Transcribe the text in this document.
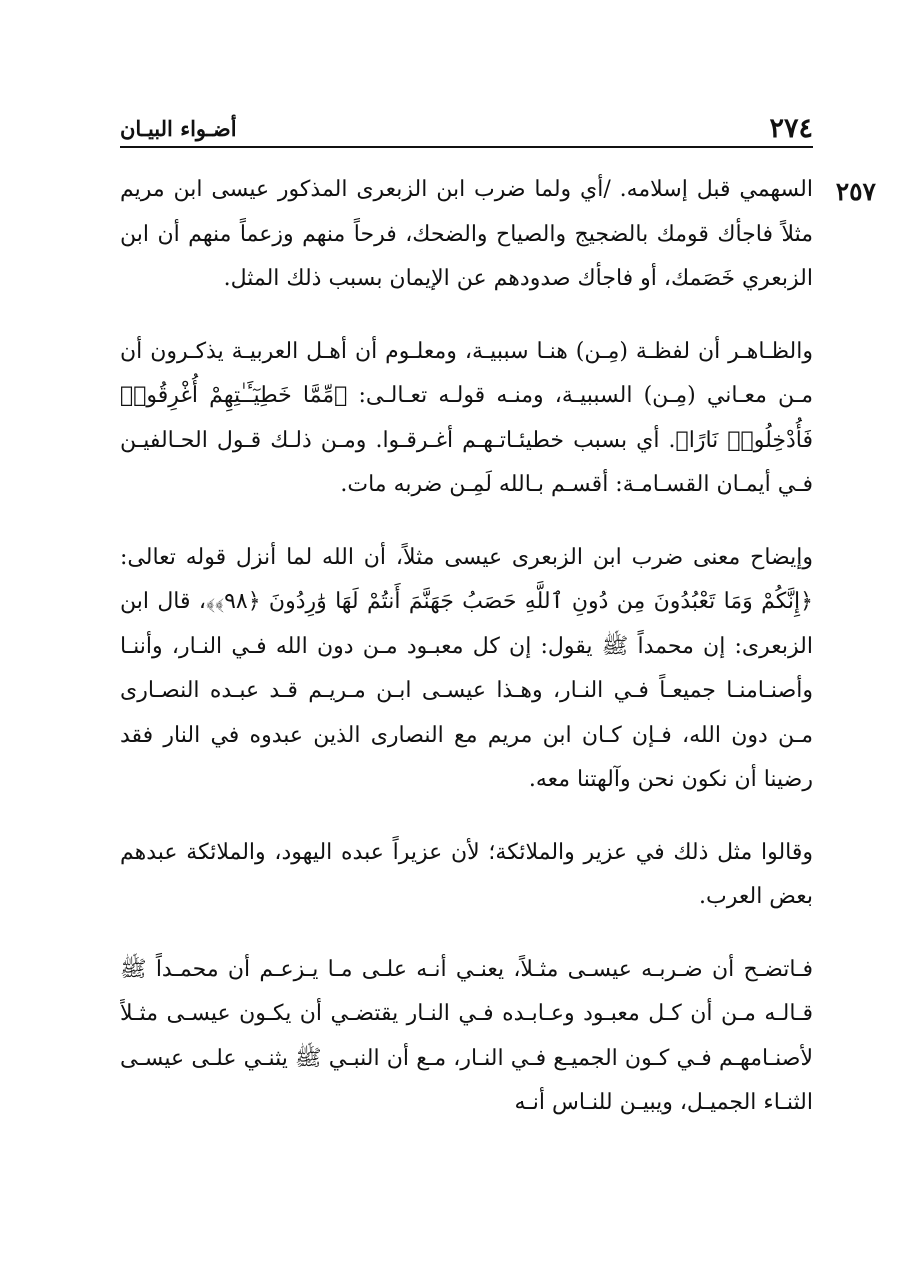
٢٧٤
أضـواء البيـان
٢٥٧

السهمي قبل إسلامه. /أي ولما ضرب ابن الزبعرى المذكور عيسى ابن مريم مثلاً فاجأك قومك بالضجيج والصياح والضحك، فرحاً منهم وزعماً منهم أن ابن الزبعري خَصَمك، أو فاجأك صدودهم عن الإيمان بسبب ذلك المثل.

والظـاهـر أن لفظـة (مِـن) هنـا سببيـة، ومعلـوم أن أهـل العربيـة يذكـرون أن مـن معـاني (مِـن) السببيـة، ومنـه قولـه تعـالـى: ﴿مِّمَّا خَطِيٓـَٔـٰتِهِمْ أُغْرِقُوا۟ فَأُدْخِلُوا۟ نَارًا﴾. أي بسبب خطيئـاتـهـم أغـرقـوا. ومـن ذلـك قـول الحـالفيـن فـي أيمـان القسـامـة: أقسـم بـالله لَمِـن ضربه مات.

وإيضاح معنى ضرب ابن الزبعرى عيسى مثلاً، أن الله لما أنزل قوله تعالى: ﴿إِنَّكُمْ وَمَا تَعْبُدُونَ مِن دُونِ ٱللَّهِ حَصَبُ جَهَنَّمَ أَنتُمْ لَهَا وَٰرِدُونَ ﴿٩٨﴾﴾، قال ابن الزبعرى: إن محمداً ﷺ يقول: إن كل معبـود مـن دون الله فـي النـار، وأننـا وأصنـامنـا جميعـاً فـي النـار، وهـذا عيسـى ابـن مـريـم قـد عبـده النصـارى مـن دون الله، فـإن كـان ابن مريم مع النصارى الذين عبدوه في النار فقد رضينا أن نكون نحن وآلهتنا معه.

وقالوا مثل ذلك في عزير والملائكة؛ لأن عزيراً عبده اليهود، والملائكة عبدهم بعض العرب.

فـاتضـح أن ضـربـه عيسـى مثـلاً، يعنـي أنـه علـى مـا يـزعـم أن محمـداً ﷺ قـالـه مـن أن كـل معبـود وعـابـده فـي النـار يقتضـي أن يكـون عيسـى مثـلاً لأصنـامهـم فـي كـون الجميـع فـي النـار، مـع أن النبـي ﷺ يثنـي علـى عيسـى الثنـاء الجميـل، ويبيـن للنـاس أنـه
